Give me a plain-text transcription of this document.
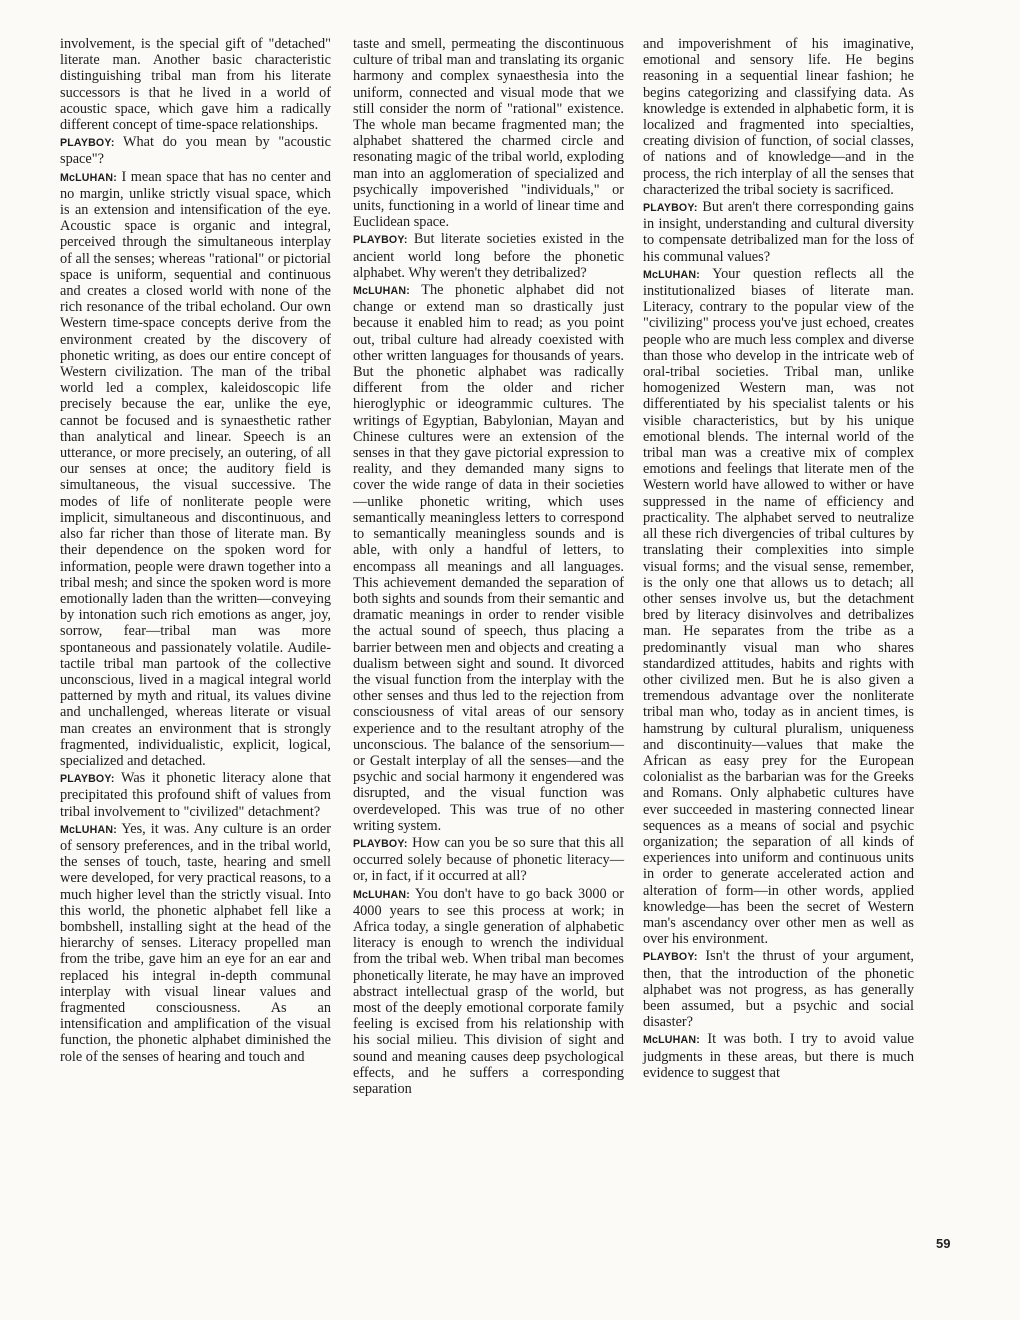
involvement, is the special gift of "detached" literate man. Another basic characteristic distinguishing tribal man from his literate successors is that he lived in a world of acoustic space, which gave him a radically different concept of time-space relationships.

PLAYBOY: What do you mean by "acoustic space"?

McLUHAN: I mean space that has no center and no margin, unlike strictly visual space, which is an extension and intensification of the eye. Acoustic space is organic and integral, perceived through the simultaneous interplay of all the senses; whereas "rational" or pictorial space is uniform, sequential and continuous and creates a closed world with none of the rich resonance of the tribal echoland. Our own Western time-space concepts derive from the environment created by the discovery of phonetic writing, as does our entire concept of Western civilization. The man of the tribal world led a complex, kaleidoscopic life precisely because the ear, unlike the eye, cannot be focused and is synaesthetic rather than analytical and linear. Speech is an utterance, or more precisely, an outering, of all our senses at once; the auditory field is simultaneous, the visual successive. The modes of life of nonliterate people were implicit, simultaneous and discontinuous, and also far richer than those of literate man. By their dependence on the spoken word for information, people were drawn together into a tribal mesh; and since the spoken word is more emotionally laden than the written—conveying by intonation such rich emotions as anger, joy, sorrow, fear—tribal man was more spontaneous and passionately volatile. Audile-tactile tribal man partook of the collective unconscious, lived in a magical integral world patterned by myth and ritual, its values divine and unchallenged, whereas literate or visual man creates an environment that is strongly fragmented, individualistic, explicit, logical, specialized and detached.

PLAYBOY: Was it phonetic literacy alone that precipitated this profound shift of values from tribal involvement to "civilized" detachment?

McLUHAN: Yes, it was. Any culture is an order of sensory preferences, and in the tribal world, the senses of touch, taste, hearing and smell were developed, for very practical reasons, to a much higher level than the strictly visual. Into this world, the phonetic alphabet fell like a bombshell, installing sight at the head of the hierarchy of senses. Literacy propelled man from the tribe, gave him an eye for an ear and replaced his integral in-depth communal interplay with visual linear values and fragmented consciousness. As an intensification and amplification of the visual function, the phonetic alphabet diminished the role of the senses of hearing and touch and

taste and smell, permeating the discontinuous culture of tribal man and translating its organic harmony and complex synaesthesia into the uniform, connected and visual mode that we still consider the norm of "rational" existence. The whole man became fragmented man; the alphabet shattered the charmed circle and resonating magic of the tribal world, exploding man into an agglomeration of specialized and psychically impoverished "individuals," or units, functioning in a world of linear time and Euclidean space.

PLAYBOY: But literate societies existed in the ancient world long before the phonetic alphabet. Why weren't they detribalized?

McLUHAN: The phonetic alphabet did not change or extend man so drastically just because it enabled him to read; as you point out, tribal culture had already coexisted with other written languages for thousands of years. But the phonetic alphabet was radically different from the older and richer hieroglyphic or ideogrammic cultures. The writings of Egyptian, Babylonian, Mayan and Chinese cultures were an extension of the senses in that they gave pictorial expression to reality, and they demanded many signs to cover the wide range of data in their societies—unlike phonetic writing, which uses semantically meaningless letters to correspond to semantically meaningless sounds and is able, with only a handful of letters, to encompass all meanings and all languages. This achievement demanded the separation of both sights and sounds from their semantic and dramatic meanings in order to render visible the actual sound of speech, thus placing a barrier between men and objects and creating a dualism between sight and sound. It divorced the visual function from the interplay with the other senses and thus led to the rejection from consciousness of vital areas of our sensory experience and to the resultant atrophy of the unconscious. The balance of the sensorium—or Gestalt interplay of all the senses—and the psychic and social harmony it engendered was disrupted, and the visual function was overdeveloped. This was true of no other writing system.

PLAYBOY: How can you be so sure that this all occurred solely because of phonetic literacy—or, in fact, if it occurred at all?

McLUHAN: You don't have to go back 3000 or 4000 years to see this process at work; in Africa today, a single generation of alphabetic literacy is enough to wrench the individual from the tribal web. When tribal man becomes phonetically literate, he may have an improved abstract intellectual grasp of the world, but most of the deeply emotional corporate family feeling is excised from his relationship with his social milieu. This division of sight and sound and meaning causes deep psychological effects, and he suffers a corresponding separation

and impoverishment of his imaginative, emotional and sensory life. He begins reasoning in a sequential linear fashion; he begins categorizing and classifying data. As knowledge is extended in alphabetic form, it is localized and fragmented into specialties, creating division of function, of social classes, of nations and of knowledge—and in the process, the rich interplay of all the senses that characterized the tribal society is sacrificed.

PLAYBOY: But aren't there corresponding gains in insight, understanding and cultural diversity to compensate detribalized man for the loss of his communal values?

McLUHAN: Your question reflects all the institutionalized biases of literate man. Literacy, contrary to the popular view of the "civilizing" process you've just echoed, creates people who are much less complex and diverse than those who develop in the intricate web of oral-tribal societies. Tribal man, unlike homogenized Western man, was not differentiated by his specialist talents or his visible characteristics, but by his unique emotional blends. The internal world of the tribal man was a creative mix of complex emotions and feelings that literate men of the Western world have allowed to wither or have suppressed in the name of efficiency and practicality. The alphabet served to neutralize all these rich divergencies of tribal cultures by translating their complexities into simple visual forms; and the visual sense, remember, is the only one that allows us to detach; all other senses involve us, but the detachment bred by literacy disinvolves and detribalizes man. He separates from the tribe as a predominantly visual man who shares standardized attitudes, habits and rights with other civilized men. But he is also given a tremendous advantage over the nonliterate tribal man who, today as in ancient times, is hamstrung by cultural pluralism, uniqueness and discontinuity—values that make the African as easy prey for the European colonialist as the barbarian was for the Greeks and Romans. Only alphabetic cultures have ever succeeded in mastering connected linear sequences as a means of social and psychic organization; the separation of all kinds of experiences into uniform and continuous units in order to generate accelerated action and alteration of form—in other words, applied knowledge—has been the secret of Western man's ascendancy over other men as well as over his environment.

PLAYBOY: Isn't the thrust of your argument, then, that the introduction of the phonetic alphabet was not progress, as has generally been assumed, but a psychic and social disaster?

McLUHAN: It was both. I try to avoid value judgments in these areas, but there is much evidence to suggest that

59
